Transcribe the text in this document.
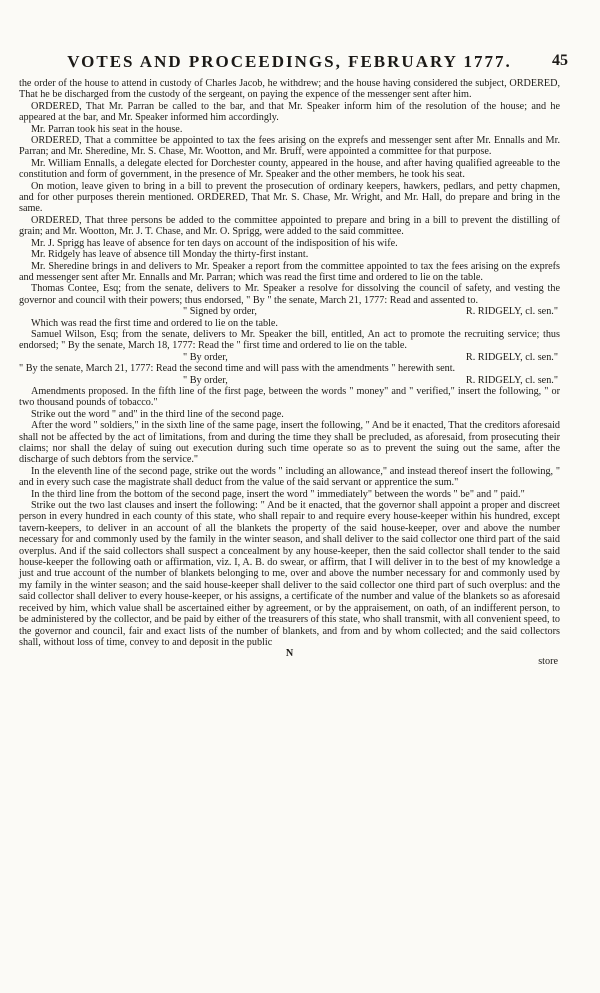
VOTES AND PROCEEDINGS, FEBRUARY 1777.	45

the order of the house to attend in custody of Charles Jacob, he withdrew; and the house having considered the subject, ORDERED, That he be discharged from the custody of the sergeant, on paying the expence of the messenger sent after him.

ORDERED, That Mr. Parran be called to the bar, and that Mr. Speaker inform him of the resolution of the house; and he appeared at the bar, and Mr. Speaker informed him accordingly.

Mr. Parran took his seat in the house.

ORDERED, That a committee be appointed to tax the fees arising on the exprefs and messenger sent after Mr. Ennalls and Mr. Parran; and Mr. Sheredine, Mr. S. Chase, Mr. Wootton, and Mr. Bruff, were appointed a committee for that purpose.

Mr. William Ennalls, a delegate elected for Dorchester county, appeared in the house, and after having qualified agreeable to the constitution and form of government, in the presence of Mr. Speaker and the other members, he took his seat.

On motion, leave given to bring in a bill to prevent the prosecution of ordinary keepers, hawkers, pedlars, and petty chapmen, and for other purposes therein mentioned. ORDERED, That Mr. S. Chase, Mr. Wright, and Mr. Hall, do prepare and bring in the same.

ORDERED, That three persons be added to the committee appointed to prepare and bring in a bill to prevent the distilling of grain; and Mr. Wootton, Mr. J. T. Chase, and Mr. O. Sprigg, were added to the said committee.

Mr. J. Sprigg has leave of absence for ten days on account of the indisposition of his wife.

Mr. Ridgely has leave of absence till Monday the thirty-first instant.

Mr. Sheredine brings in and delivers to Mr. Speaker a report from the committee appointed to tax the fees arising on the exprefs and messenger sent after Mr. Ennalls and Mr. Parran; which was read the first time and ordered to lie on the table.

Thomas Contee, Esq; from the senate, delivers to Mr. Speaker a resolve for dissolving the council of safety, and vesting the governor and council with their powers; thus endorsed, " By " the senate, March 21, 1777: Read and assented to.

" Signed by order,	R. RIDGELY, cl. sen."

Which was read the first time and ordered to lie on the table.

Samuel Wilson, Esq; from the senate, delivers to Mr. Speaker the bill, entitled, An act to promote the recruiting service; thus endorsed; " By the senate, March 18, 1777: Read the " first time and ordered to lie on the table.

" By order,	R. RIDGELY, cl. sen."

" By the senate, March 21, 1777: Read the second time and will pass with the amendments " herewith sent.

" By order,	R. RIDGELY, cl. sen."

Amendments proposed. In the fifth line of the first page, between the words " money" and " verified," insert the following, " or two thousand pounds of tobacco."

Strike out the word " and" in the third line of the second page.

After the word " soldiers," in the sixth line of the same page, insert the following, " And be it enacted, That the creditors aforesaid shall not be affected by the act of limitations, from and during the time they shall be precluded, as aforesaid, from prosecuting their claims; nor shall the delay of suing out execution during such time operate so as to prevent the suing out the same, after the discharge of such debtors from the service."

In the eleventh line of the second page, strike out the words " including an allowance," and instead thereof insert the following, " and in every such case the magistrate shall deduct from the value of the said servant or apprentice the sum."

In the third line from the bottom of the second page, insert the word " immediately" between the words " be" and " paid."

Strike out the two last clauses and insert the following: " And be it enacted, that the governor shall appoint a proper and discreet person in every hundred in each county of this state, who shall repair to and require every house-keeper within his hundred, except tavern-keepers, to deliver in an account of all the blankets the property of the said house-keeper, over and above the number necessary for and commonly used by the family in the winter season, and shall deliver to the said collector one third part of the said overplus. And if the said collectors shall suspect a concealment by any house-keeper, then the said collector shall tender to the said house-keeper the following oath or affirmation, viz. I, A. B. do swear, or affirm, that I will deliver in to the best of my knowledge a just and true account of the number of blankets belonging to me, over and above the number necessary for and commonly used by my family in the winter season; and the said house-keeper shall deliver to the said collector one third part of such overplus: and the said collector shall deliver to every house-keeper, or his assigns, a certificate of the number and value of the blankets so as aforesaid received by him, which value shall be ascertained either by agreement, or by the appraisement, on oath, of an indifferent person, to be administered by the collector, and be paid by either of the treasurers of this state, who shall transmit, with all convenient speed, to the governor and council, fair and exact lists of the number of blankets, and from and by whom collected; and the said collectors shall, without loss of time, convey to and deposit in the public

N
store
